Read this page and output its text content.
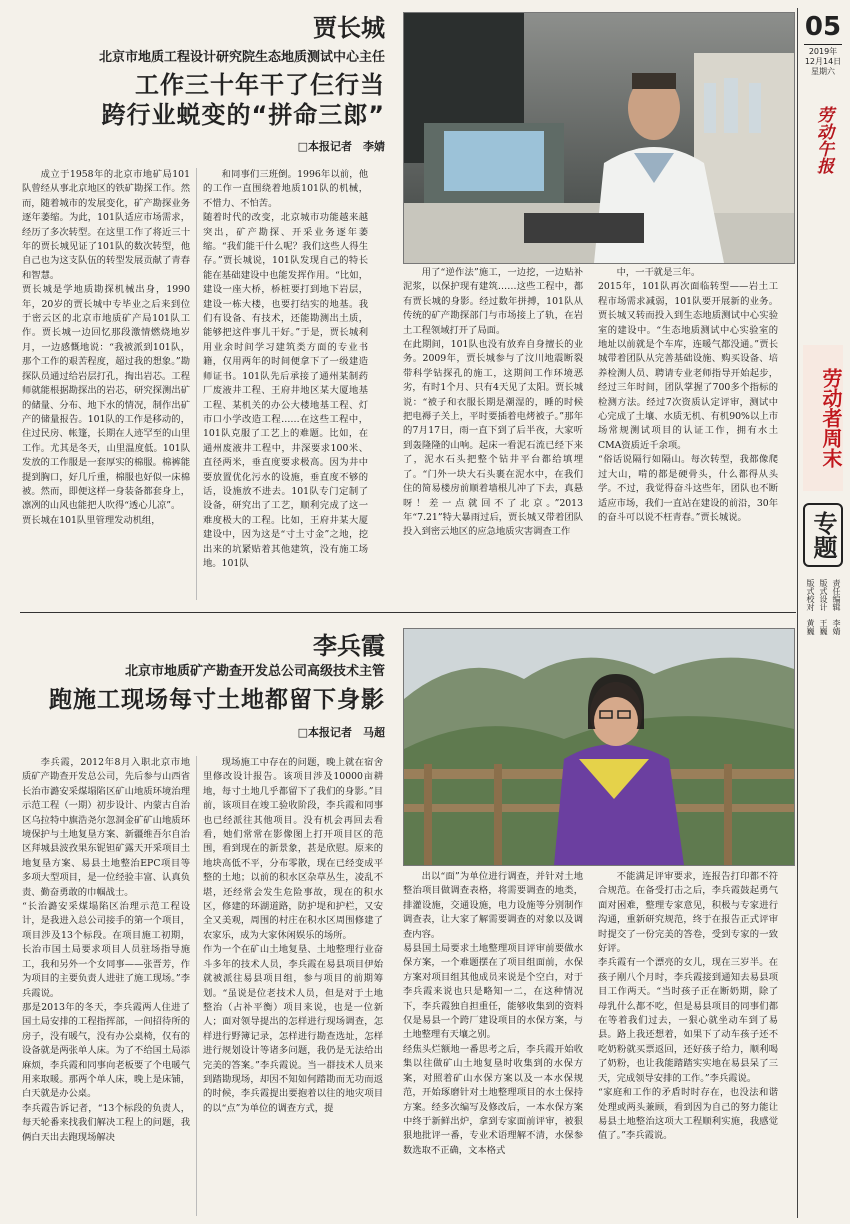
贾长城
北京市地质工程设计研究院生态地质测试中心主任
工作三十年干了仨行当
跨行业蜕变的“拼命三郎”
□本报记者　李婧
成立于1958年的北京市地矿局101队曾经从事北京地区的铁矿勘探工作。然而，随着城市的发展变化，矿产勘探业务逐年萎缩。为此，101队适应市场需求，经历了多次转型。在这里工作了将近三十年的贾长城见证了101队的数次转型，他自己也为这支队伍的转型发展贡献了青春和智慧。
贾长城是学地质勘探机械出身，1990年，20岁的贾长城中专毕业之后来到位于密云区的北京市地质矿产局101队工作。贾长城一边回忆那段激情燃烧地岁月，一边感慨地说：“我被派到101队，那个工作的艰苦程度，超过我的想象。”勘探队员通过给岩层打孔，掏出岩芯。工程师就能根据勘探出的岩芯，研究探测出矿的储量、分布、地下水的情况，制作出矿产的储量报告。101队的工作是移动的，住过民房、帐篷，长期在人迹罕至的山里工作。尤其是冬天，山里温度低。101队发放的工作服是一套厚实的棉服。棉裤能提到胸口，好几斤重，棉服也好似一床棉被。然而，即便这样一身装备都套身上，凛冽的山风也能把人吹得“透心儿凉”。
贾长城在101队里管理发动机组，
和同事们三班倒。1996年以前，他的工作一直围绕着地质101队的机械，不惜力、不怕苦。
随着时代的改变，北京城市功能越来越突出，矿产勘探、开采业务逐年萎缩。“我们能干什么呢？我们这些人得生存。”贾长城说，101队发现自己的特长能在基础建设中也能发挥作用。“比如，建设一座大桥，桥桩要打到地下岩层，建设一栋大楼，也要打结实的地基。我们有设备、有技术，还能勘测出土质，能够把这件事儿干好。”于是，贾长城利用业余时间学习建筑类方面的专业书籍，仅用两年的时间便拿下了一级建造师证书。101队先后承接了通州某制药厂废液井工程、王府井地区某大厦地基工程、某机关的办公大楼地基工程、灯市口小学改造工程……在这些工程中，101队克服了工艺上的难题。比如，在通州废液井工程中，井深要求100米、直径两米，垂直度要求极高。因为井中要放置优化污水的设施，垂直度不够的话，设施放不进去。101队专门定制了设备，研究出了工艺，顺利完成了这一难度极大的工程。比如，王府井某大厦建设中，因为这是“寸土寸金”之地，挖出来的坑紧贴着其他建筑，没有施工场地。101队
用了“逆作法”施工，一边挖，一边贴补泥浆，以保护现有建筑……这些工程中，都有贾长城的身影。经过数年拼搏，101队从传统的矿产勘探部门与市场接上了轨，在岩土工程领域打开了局面。
在此期间，101队也没有放弃自身擅长的业务。2009年，贾长城参与了汶川地震断裂带科学钻探孔的施工，这期间工作环境恶劣，有时1个月、只有4天见了太阳。贾长城说：“被子和衣服长期是潮湿的，睡的时候把电褥子关上，平时要插着电烤被子。”那年的7月17日，雨一直下到了后半夜，大家听到轰隆隆的山响。起床一看泥石流已经下来了，泥水石头把整个钻井平台都给填埋了。“门外一块大石头裹在泥水中，在我们住的简易楼房前顺着墙根儿冲了下去，真悬呀！差一点就回不了北京。”2013年“7.21”特大暴雨过后，贾长城又带着团队投入到密云地区的应急地质灾害调查工作
中，一干就是三年。
2015年，101队再次面临转型——岩土工程市场需求减弱，101队要开展新的业务。贾长城又转而投入到生态地质测试中心实验室的建设中。“生态地质测试中心实验室的地址以前就是个车库，连暖气都没通。”贾长城带着团队从完善基础设施、购买设备、培养检测人员、聘请专业老师指导开始起步，经过三年时间，团队掌握了700多个指标的检测方法。经过7次资质认定评审，测试中心完成了土壤、水质无机、有机90%以上市场常规测试项目的认证工作，拥有水土CMA资质近千余项。
“俗话说隔行如隔山。每次转型，我都像爬过大山，啃的都是硬骨头，什么都得从头学。不过，我觉得奋斗这些年，团队也不断适应市场，我们一直站在建设的前沿，30年的奋斗可以说不枉青春。”贾长城说。
李兵霞
北京市地质矿产勘查开发总公司高级技术主管
跑施工现场每寸土地都留下身影
□本报记者　马超
李兵霞，2012年8月入职北京市地质矿产勘查开发总公司，先后参与山西省长治市潞安采煤塌陷区矿山地质环境治理示范工程（一期）初步设计、内蒙古自治区乌拉特中旗浩尧尔忽洞金矿矿山地质环境保护与土地复垦方案、新疆维吾尔自治区拜城县波孜果东铌钽矿露天开采项目土地复垦方案、易县土地整治EPC项目等多项大型项目，是一位经验丰富、认真负责、勤奋勇敢的巾帼战士。
“长治潞安采煤塌陷区治理示范工程设计，是我进入总公司接手的第一个项目，项目涉及13个标段。在项目施工初期，长治市国土局要求项目人员驻场指导施工，我和另外一个女同事——张晋芳，作为项目的主要负责人进驻了施工现场。”李兵霞说。
那是2013年的冬天，李兵霞两人住进了国土局安排的工程指挥部，一间招待所的房子，没有暖气，没有办公桌椅，仅有的设备就是两张单人床。为了不给国土局添麻烦，李兵霞和同事向老板要了个电暖气用来取暖。那两个单人床，晚上是床铺，白天就是办公桌。
李兵霞告诉记者，“13个标段的负责人，每天轮番来找我们解决工程上的问题，我俩白天出去跑现场解决
现场施工中存在的问题，晚上就在宿舍里修改设计报告。该项目涉及10000亩耕地，每寸土地几乎都留下了我们的身影。”目前，该项目在竣工验收阶段，李兵霞和同事也已经派往其他项目。没有机会再回去看看，她们常常在影像图上打开项目区的范围，看到现在的新景象，甚是欣慰。原来的地块高低不平，分布零散，现在已经变成平整的土地；以前的积水区杂草丛生，凌乱不堪，还经常会发生危险事故，现在的积水区，修建的环湖道路，防护堤和护栏，又安全又美观，周围的村庄在积水区周围修建了农家乐，成为大家休闲娱乐的场所。
作为一个在矿山土地复垦、土地整理行业奋斗多年的技术人员，李兵霞在易县项目伊始就被派往易县项目组，参与项目的前期筹划。“虽说是位老技术人员，但是对于土地整治（占补平衡）项目来说，也是一位新人；面对领导提出的怎样进行现场调查，怎样进行野簿记录，怎样进行勘查选址，怎样进行规划设计等诸多问题，我仍是无法给出完美的答案。”李兵霞说。当一群技术人员来到踏勘现场，却因不知如何踏勘而无功而返的时候，李兵霞提出要抱着以往的地灾项目的以“点”为单位的调查方式，提
出以“面”为单位进行调查，并针对土地整治项目做调查表格，将需要调查的地类，排灌设施，交通设施，电力设施等分别制作调查表，让大家了解需要调查的对象以及调查内容。
易县国土局要求土地整理项目评审前要做水保方案，一个难题摆在了项目组面前，水保方案对项目组其他成员来说是个空白，对于李兵霞来说也只是略知一二，在这种情况下，李兵霞独自担重任，能够收集到的资料仅是易县一个跨厂建设项目的水保方案，与土地整理有天壤之别。
经焦头烂额地一番思考之后，李兵霞开始收集以往做矿山土地复垦时收集到的水保方案，对照着矿山水保方案以及一本水保规范，开始琢磨针对土地整理项目的水土保持方案。经多次编写及修改后，一本水保方案中终于新鲜出炉，拿到专家面前评审，被狠狠地批评一番，专业术语理解不清，水保参数选取不正确，文本格式
不能满足评审要求，连报告打印都不符合规范。在备受打击之后，李兵霞鼓起勇气面对困难，整理专家意见，积极与专家进行沟通，重新研究规范，终于在报告正式评审时提交了一份完美的答卷，受到专家的一致好评。
李兵霞有一个漂亮的女儿，现在三岁半。在孩子刚八个月时，李兵霞接到通知去易县项目工作两天。“当时孩子正在断奶期，除了母乳什么都不吃，但是易县项目的同事们都在等着我们过去，一狠心就坐动车到了易县。路上我还想着，如果下了动车孩子还不吃奶粉就买票返回，还好孩子给力，顺利喝了奶粉，也让我能踏踏实实地在易县呆了三天，完成领导安排的工作。”李兵霞说。
“家庭和工作的矛盾时时存在，也没法和谐处理或两头兼顾，看到因为自己的努力能让易县土地整治这项大工程顺利实施，我感觉值了。”李兵霞说。
05
2019年
12月14日
星期六
劳动午报
劳动者周末
专题
责任编辑　李婧
版式设计　王巍
版式校对　黄巍
